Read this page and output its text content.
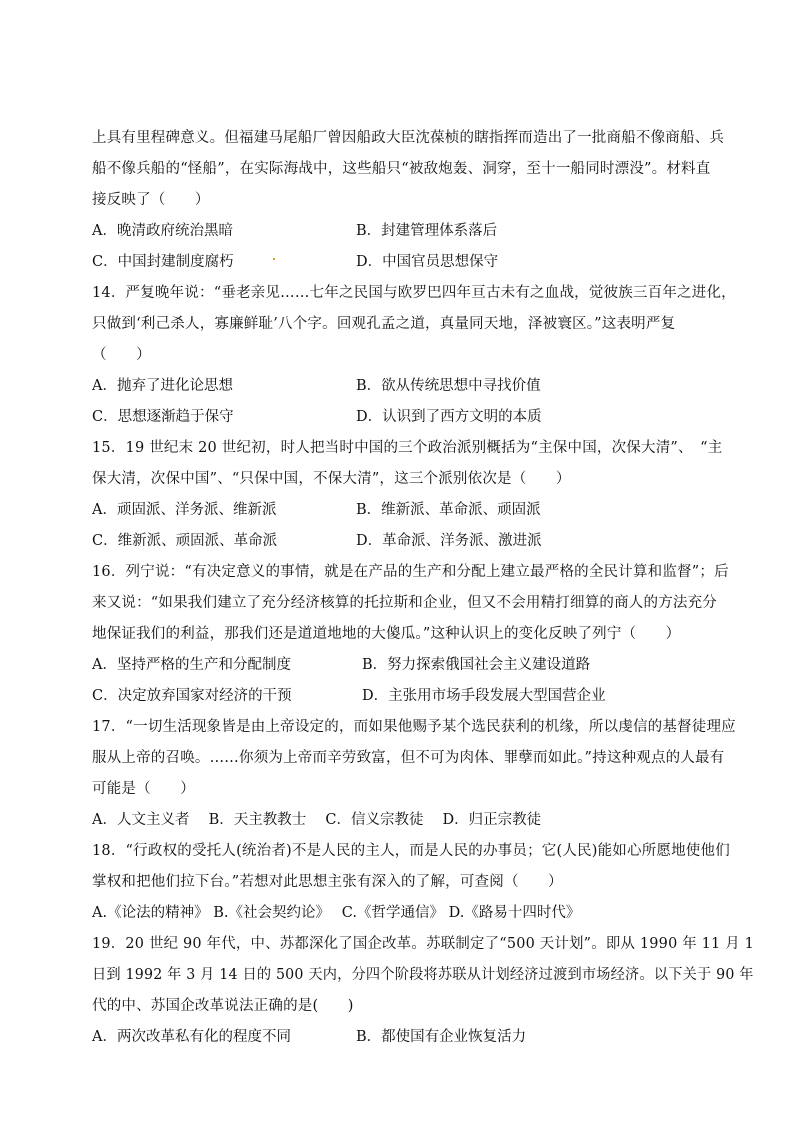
上具有里程碑意义。但福建马尾船厂曾因船政大臣沈葆桢的瞎指挥而造出了一批商船不像商船、兵
船不像兵船的“怪船”，在实际海战中，这些船只“被敌炮轰、洞穿，至十一船同时漂没”。材料直
接反映了（　　）
A．晚清政府统治黑暗	B．封建管理体系落后
C．中国封建制度腐朽	D．中国官员思想保守
14．严复晚年说：“垂老亲见……七年之民国与欧罗巴四年亘古未有之血战，觉彼族三百年之进化，
只做到‘利己杀人，寡廉鲜耻’八个字。回观孔孟之道，真量同天地，泽被寰区。”这表明严复
（　　）
A．抛弃了进化论思想	B．欲从传统思想中寻找价值
C．思想逐渐趋于保守	D．认识到了西方文明的本质
15．19 世纪末 20 世纪初，时人把当时中国的三个政治派别概括为“主保中国，次保大清”、　“主
保大清，次保中国”、“只保中国，不保大清”，这三个派别依次是（　　）
A．顽固派、洋务派、维新派	B．维新派、革命派、顽固派
C．维新派、顽固派、革命派	D．革命派、洋务派、激进派
16．列宁说：“有决定意义的事情，就是在产品的生产和分配上建立最严格的全民计算和监督”；后
来又说：“如果我们建立了充分经济核算的托拉斯和企业，但又不会用精打细算的商人的方法充分
地保证我们的利益，那我们还是道道地地的大傻瓜。”这种认识上的变化反映了列宁（　　）
A．坚持严格的生产和分配制度	B．努力探索俄国社会主义建设道路
C．决定放弃国家对经济的干预	D．主张用市场手段发展大型国营企业
17．“一切生活现象皆是由上帝设定的，而如果他赐予某个选民获利的机缘，所以虔信的基督徒理应
服从上帝的召唤。……你须为上帝而辛劳致富，但不可为肉体、罪孽而如此。”持这种观点的人最有
可能是（　　）
A．人文主义者　 B．天主教教士　 C．信义宗教徒　 D．归正宗教徒
18．“行政权的受托人(统治者)不是人民的主人，而是人民的办事员；它(人民)能如心所愿地使他们
掌权和把他们拉下台。”若想对此思想主张有深入的了解，可查阅（　　）
A.《论法的精神》 B.《社会契约论》　 C.《哲学通信》 D.《路易十四时代》
19．20 世纪 90 年代，中、苏都深化了国企改革。苏联制定了“500 天计划”。即从 1990 年 11 月 1
日到 1992 年 3 月 14 日的 500 天内，分四个阶段将苏联从计划经济过渡到市场经济。以下关于 90 年
代的中、苏国企改革说法正确的是(　　)
A．两次改革私有化的程度不同	B．都使国有企业恢复活力
